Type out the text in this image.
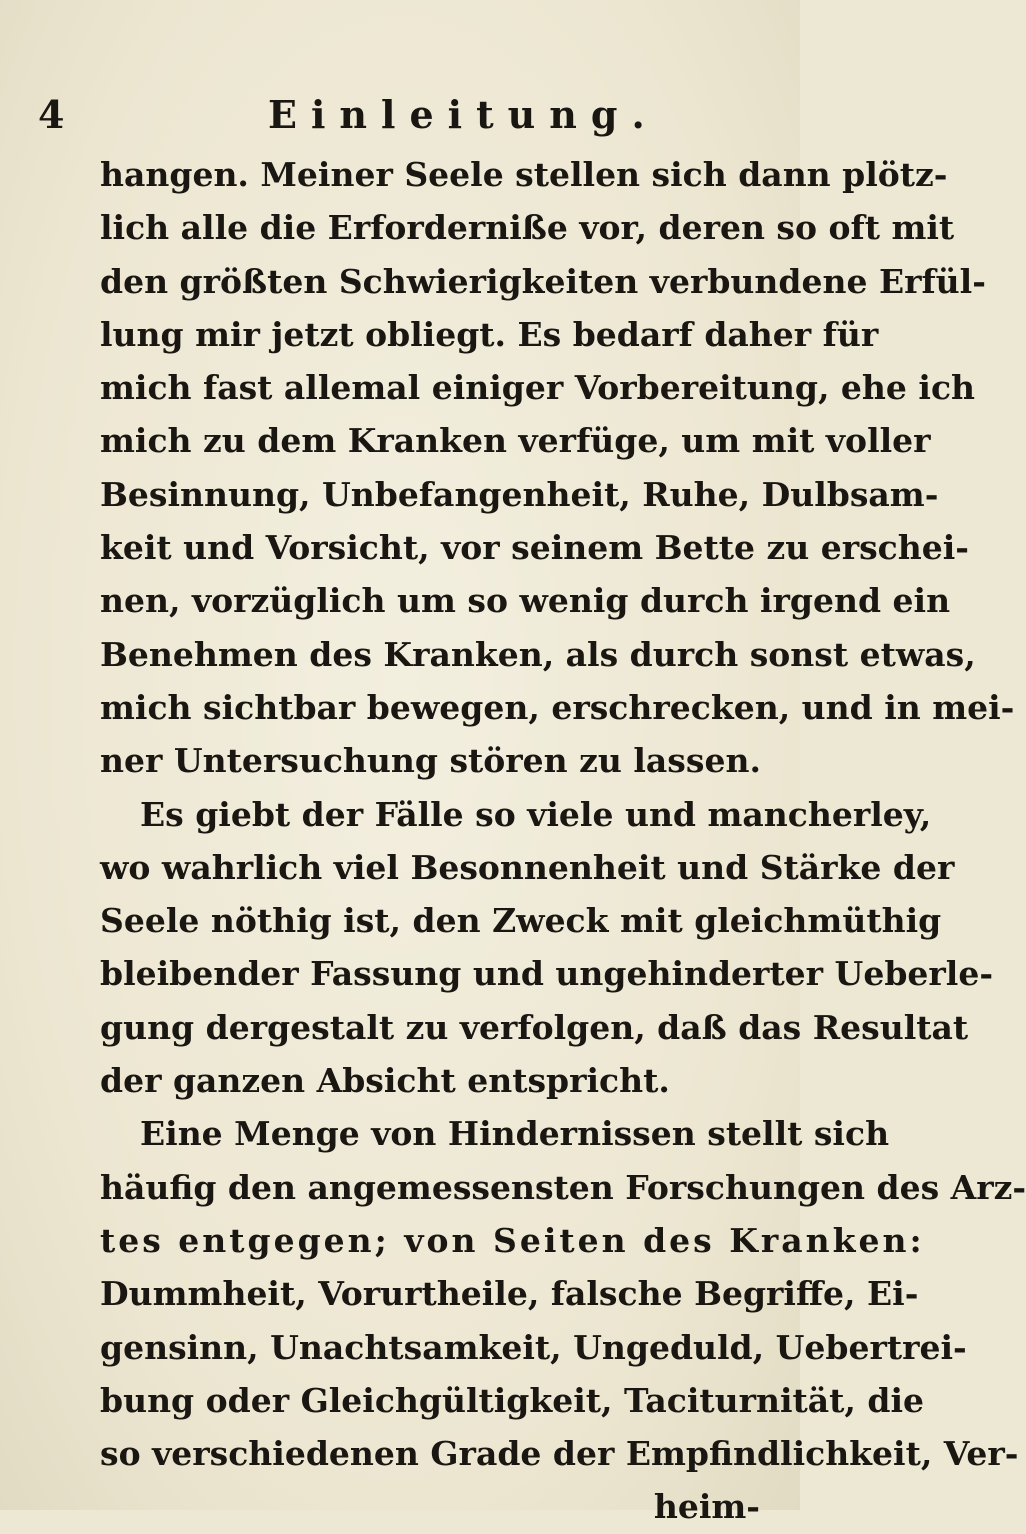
4	Einleitung.
hangen. Meiner Seele stellen sich dann plötz-
lich alle die Erforderniße vor, deren so oft mit
den größten Schwierigkeiten verbundene Erfül-
lung mir jetzt obliegt. Es bedarf daher für
mich fast allemal einiger Vorbereitung, ehe ich
mich zu dem Kranken verfüge, um mit voller
Besinnung, Unbefangenheit, Ruhe, Dulbsam-
keit und Vorsicht, vor seinem Bette zu erschei-
nen, vorzüglich um so wenig durch irgend ein
Benehmen des Kranken, als durch sonst etwas,
mich sichtbar bewegen, erschrecken, und in mei-
ner Untersuchung stören zu lassen.
Es giebt der Fälle so viele und mancherley,
wo wahrlich viel Besonnenheit und Stärke der
Seele nöthig ist, den Zweck mit gleichmüthig
bleibender Fassung und ungehinderter Ueberle-
gung dergestalt zu verfolgen, daß das Resultat
der ganzen Absicht entspricht.
Eine Menge von Hindernissen stellt sich
häufig den angemessensten Forschungen des Arz-
tes entgegen; von Seiten des Kranken:
Dummheit, Vorurtheile, falsche Begriffe, Ei-
gensinn, Unachtsamkeit, Ungeduld, Uebertrei-
bung oder Gleichgültigkeit, Taciturnität, die
so verschiedenen Grade der Empfindlichkeit, Ver-
heim-
